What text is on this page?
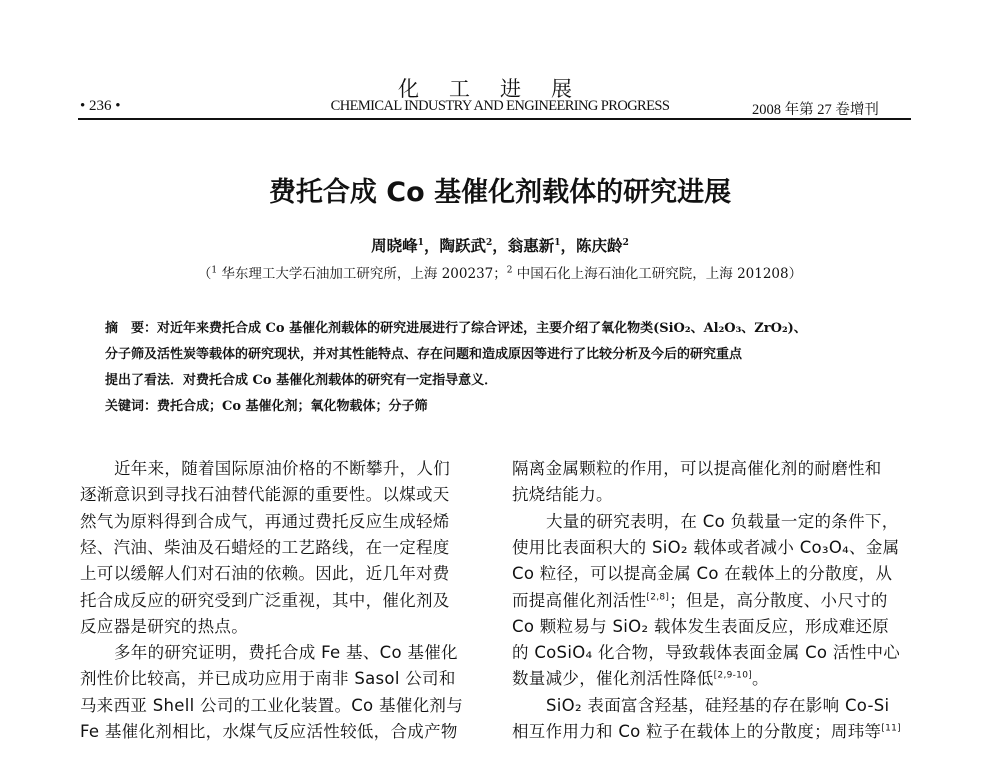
化工进展
• 236 •	CHEMICAL INDUSTRY AND ENGINEERING PROGRESS	2008 年第 27 卷增刊
费托合成 Co 基催化剂载体的研究进展
周晓峰$^1$，陶跃武$^2$，翁惠新$^1$，陈庆龄$^2$
（$^1$ 华东理工大学石油加工研究所，上海 200237；$^2$ 中国石化上海石油化工研究院，上海 201208）
摘　要：对近年来费托合成 Co 基催化剂载体的研究进展进行了综合评述，主要介绍了氧化物类(SiO₂、Al₂O₃、ZrO₂)、
分子筛及活性炭等载体的研究现状，并对其性能特点、存在问题和造成原因等进行了比较分析及今后的研究重点
提出了看法．对费托合成 Co 基催化剂载体的研究有一定指导意义．
关键词：费托合成；Co 基催化剂；氧化物载体；分子筛
近年来，随着国际原油价格的不断攀升，人们
逐渐意识到寻找石油替代能源的重要性。以煤或天
然气为原料得到合成气，再通过费托反应生成轻烯
烃、汽油、柴油及石蜡烃的工艺路线，在一定程度
上可以缓解人们对石油的依赖。因此，近几年对费
托合成反应的研究受到广泛重视，其中，催化剂及
反应器是研究的热点。
多年的研究证明，费托合成 Fe 基、Co 基催化
剂性价比较高，并已成功应用于南非 Sasol 公司和
马来西亚 Shell 公司的工业化装置。Co 基催化剂与
Fe 基催化剂相比，水煤气反应活性较低，合成产物
隔离金属颗粒的作用，可以提高催化剂的耐磨性和
抗烧结能力。
大量的研究表明，在 Co 负载量一定的条件下，
使用比表面积大的 SiO₂ 载体或者减小 Co₃O₄、金属
Co 粒径，可以提高金属 Co 在载体上的分散度，从
而提高催化剂活性[2,8]；但是，高分散度、小尺寸的
Co 颗粒易与 SiO₂ 载体发生表面反应，形成难还原
的 CoSiO₄ 化合物，导致载体表面金属 Co 活性中心
数量减少，催化剂活性降低[2,9-10]。
SiO₂ 表面富含羟基，硅羟基的存在影响 Co-Si
相互作用力和 Co 粒子在载体上的分散度；周玮等[11]
